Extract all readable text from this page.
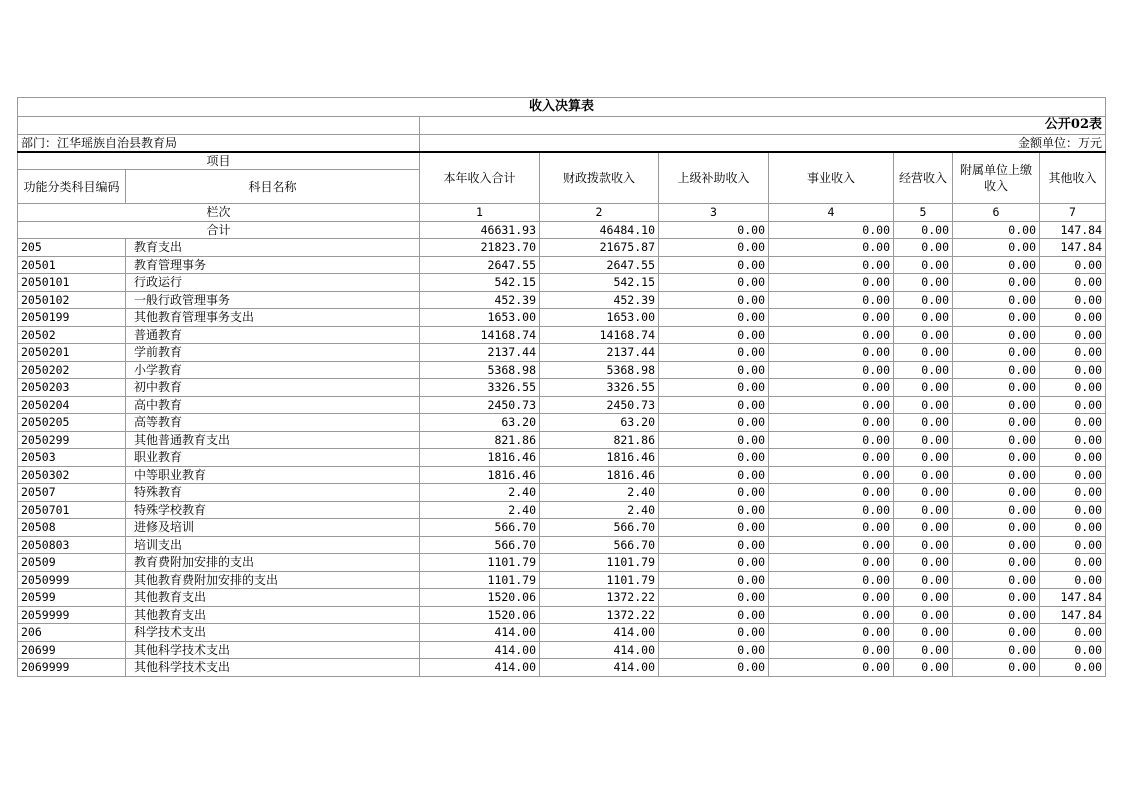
收入决算表								
		公开02表						
部门：江华瑶族自治县教育局		金额单位：万元						
项目		本年收入合计	财政拨款收入	上级补助收入	事业收入	经营收入	附属单位上缴收入	其他收入
功能分类科目编码	科目名称							
栏次		1	2	3	4	5	6	7
合计		46631.93	46484.10	0.00	0.00	0.00	0.00	147.84
205	教育支出	21823.70	21675.87	0.00	0.00	0.00	0.00	147.84
20501	教育管理事务	2647.55	2647.55	0.00	0.00	0.00	0.00	0.00
2050101	行政运行	542.15	542.15	0.00	0.00	0.00	0.00	0.00
2050102	一般行政管理事务	452.39	452.39	0.00	0.00	0.00	0.00	0.00
2050199	其他教育管理事务支出	1653.00	1653.00	0.00	0.00	0.00	0.00	0.00
20502	普通教育	14168.74	14168.74	0.00	0.00	0.00	0.00	0.00
2050201	学前教育	2137.44	2137.44	0.00	0.00	0.00	0.00	0.00
2050202	小学教育	5368.98	5368.98	0.00	0.00	0.00	0.00	0.00
2050203	初中教育	3326.55	3326.55	0.00	0.00	0.00	0.00	0.00
2050204	高中教育	2450.73	2450.73	0.00	0.00	0.00	0.00	0.00
2050205	高等教育	63.20	63.20	0.00	0.00	0.00	0.00	0.00
2050299	其他普通教育支出	821.86	821.86	0.00	0.00	0.00	0.00	0.00
20503	职业教育	1816.46	1816.46	0.00	0.00	0.00	0.00	0.00
2050302	中等职业教育	1816.46	1816.46	0.00	0.00	0.00	0.00	0.00
20507	特殊教育	2.40	2.40	0.00	0.00	0.00	0.00	0.00
2050701	特殊学校教育	2.40	2.40	0.00	0.00	0.00	0.00	0.00
20508	进修及培训	566.70	566.70	0.00	0.00	0.00	0.00	0.00
2050803	培训支出	566.70	566.70	0.00	0.00	0.00	0.00	0.00
20509	教育费附加安排的支出	1101.79	1101.79	0.00	0.00	0.00	0.00	0.00
2050999	其他教育费附加安排的支出	1101.79	1101.79	0.00	0.00	0.00	0.00	0.00
20599	其他教育支出	1520.06	1372.22	0.00	0.00	0.00	0.00	147.84
2059999	其他教育支出	1520.06	1372.22	0.00	0.00	0.00	0.00	147.84
206	科学技术支出	414.00	414.00	0.00	0.00	0.00	0.00	0.00
20699	其他科学技术支出	414.00	414.00	0.00	0.00	0.00	0.00	0.00
2069999	其他科学技术支出	414.00	414.00	0.00	0.00	0.00	0.00	0.00
